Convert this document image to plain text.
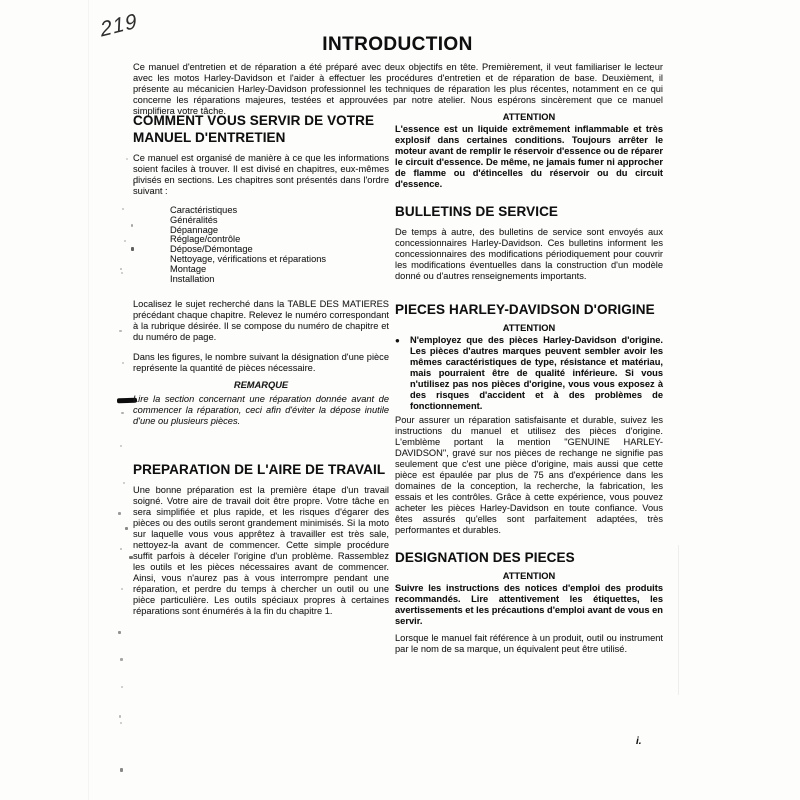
219
INTRODUCTION
Ce manuel d'entretien et de réparation a été préparé avec deux objectifs en tête. Premièrement, il veut familiariser le lecteur avec les motos Harley-Davidson et l'aider à effectuer les procédures d'entretien et de réparation de base. Deuxièment, il présente au mécanicien Harley-Davidson professionnel les techniques de réparation les plus récentes, notamment en ce qui concerne les réparations majeures, testées et approuvées par notre atelier. Nous espérons sincèrement que ce manuel simplifiera votre tâche.
COMMENT VOUS SERVIR DE VOTRE MANUEL D'ENTRETIEN
Ce manuel est organisé de manière à ce que les informations soient faciles à trouver. Il est divisé en chapitres, eux-mêmes divisés en sections. Les chapitres sont présentés dans l'ordre suivant :
Caractéristiques
Généralités
Dépannage
Réglage/contrôle
Dépose/Démontage
Nettoyage, vérifications et réparations
Montage
Installation
Localisez le sujet recherché dans la TABLE DES MATIERES précédant chaque chapitre. Relevez le numéro correspondant à la rubrique désirée. Il se compose du numéro de chapitre et du numéro de page.
Dans les figures, le nombre suivant la désignation d'une pièce représente la quantité de pièces nécessaire.
REMARQUE
Lire la section concernant une réparation donnée avant de commencer la réparation, ceci afin d'éviter la dépose inutile d'une ou plusieurs pièces.
PREPARATION DE L'AIRE DE TRAVAIL
Une bonne préparation est la première étape d'un travail soigné. Votre aire de travail doit être propre. Votre tâche en sera simplifiée et plus rapide, et les risques d'égarer des pièces ou des outils seront grandement minimisés. Si la moto sur laquelle vous vous apprêtez à travailler est très sale, nettoyez-la avant de commencer. Cette simple procédure suffit parfois à déceler l'origine d'un problème. Rassemblez les outils et les pièces nécessaires avant de commencer. Ainsi, vous n'aurez pas à vous interrompre pendant une réparation, et perdre du temps à chercher un outil ou une pièce particulière. Les outils spéciaux propres à certaines réparations sont énumérés à la fin du chapitre 1.
ATTENTION
L'essence est un liquide extrêmement inflammable et très explosif dans certaines conditions. Toujours arrêter le moteur avant de remplir le réservoir d'essence ou de réparer le circuit d'essence. De même, ne jamais fumer ni approcher de flamme ou d'étincelles du réservoir ou du circuit d'essence.
BULLETINS DE SERVICE
De temps à autre, des bulletins de service sont envoyés aux concessionnaires Harley-Davidson. Ces bulletins informent les concessionnaires des modifications périodiquement pour couvrir les modifications éventuelles dans la construction d'un modèle donné ou d'autres renseignements importants.
PIECES HARLEY-DAVIDSON D'ORIGINE
ATTENTION
●	N'employez que des pièces Harley-Davidson d'origine. Les pièces d'autres marques peuvent sembler avoir les mêmes caractéristiques de type, résistance et matériau, mais pourraient être de qualité inférieure. Si vous n'utilisez pas nos pièces d'origine, vous vous exposez à des risques d'accident et à des problèmes de fonctionnement.
Pour assurer un réparation satisfaisante et durable, suivez les instructions du manuel et utilisez des pièces d'origine. L'emblème portant la mention "GENUINE HARLEY- DAVIDSON", gravé sur nos pièces de rechange ne signifie pas seulement que c'est une pièce d'origine, mais aussi que cette pièce est épaulée par plus de 75 ans d'expérience dans les domaines de la conception, la recherche, la fabrication, les essais et les contrôles. Grâce à cette expérience, vous pouvez acheter les pièces Harley-Davidson en toute confiance. Vous êtes assurés qu'elles sont parfaitement adaptées, très performantes et durables.
DESIGNATION DES PIECES
ATTENTION
Suivre les instructions des notices d'emploi des produits recommandés. Lire attentivement les étiquettes, les avertissements et les précautions d'emploi avant de vous en servir.
Lorsque le manuel fait référence à un produit, outil ou instrument par le nom de sa marque, un équivalent peut être utilisé.
i.
